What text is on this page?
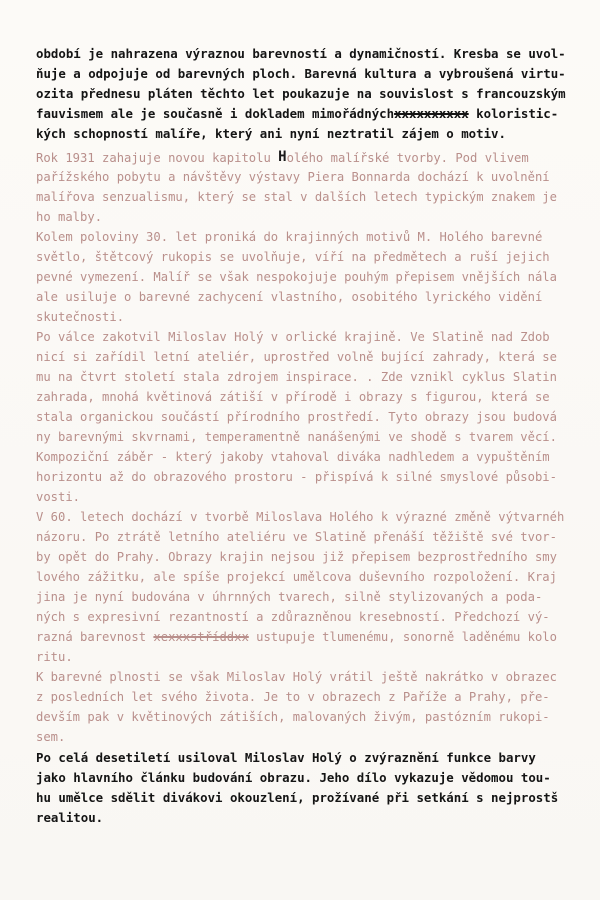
období je nahrazena výraznou barevností a dynamičností. Kresba se uvol-
ňuje a odpojuje od barevných ploch. Barevná kultura a vybroušená virtu-
ozita přednesu pláten těchto let poukazuje na souvislost s francouzským
fauvismem ale je současně i dokladem mimořádnýchxxxxxxxxxx koloristic-
kých schopností malíře, který ani nyní neztratil zájem o motiv.
Rok 1931 zahajuje novou kapitolu Holého malířské tvorby. Pod vlivem
pařížského pobytu a návštěvy výstavy Piera Bonnarda dochází k uvolnění
malířova senzualismu, který se stal v dalších letech typickým znakem je
ho malby.
Kolem poloviny 30. let proniká do krajinných motivů M. Holého barevné
světlo, štětcový rukopis se uvolňuje, víří na předmětech a ruší jejich
pevné vymezení. Malíř se však nespokojuje pouhým přepisem vnějších nála
ale usiluje o barevné zachycení vlastního, osobitého lyrického vidění
skutečnosti.
Po válce zakotvil Miloslav Holý v orlické krajině. Ve Slatině nad Zdob
nicí si zařídil letní ateliér, uprostřed volně bující zahrady, která se
mu na čtvrt století stala zdrojem inspirace. . Zde vznikl cyklus Slatin
zahrada, mnohá květinová zátiší v přírodě i obrazy s figurou, která se
stala organickou součástí přírodního prostředí. Tyto obrazy jsou budová
ny barevnými skvrnami, temperamentně nanášenými ve shodě s tvarem věcí.
Kompoziční záběr - který jakoby vtahoval diváka nadhledem a vypuštěním
horizontu až do obrazového prostoru - přispívá k silné smyslové působi-
vosti.
V 60. letech dochází v tvorbě Miloslava Holého k výrazné změně výtvarnéh
názoru. Po ztrátě letního ateliéru ve Slatině přenáší těžiště své tvor-
by opět do Prahy. Obrazy krajin nejsou již přepisem bezprostředního smy
lového zážitku, ale spíše projekcí umělcova duševního rozpoložení. Kraj
jina je nyní budována v úhrnných tvarech, silně stylizovaných a poda-
ných s expresivní rezantností a zdůrazněnou kresebností. Předchozí vý-
razná barevnost xexxxstříddxx ustupuje tlumenému, sonorně laděnému kolo
ritu.
K barevné plnosti se však Miloslav Holý vrátil ještě nakrátko v obrazec
z posledních let svého života. Je to v obrazech z Paříže a Prahy, pře-
devším pak v květinových zátiších, malovaných živým, pastózním rukopi-
sem.
Po celá desetiletí usiloval Miloslav Holý o zvýraznění funkce barvy
jako hlavního článku budování obrazu. Jeho dílo vykazuje vědomou tou-
hu umělce sdělit divákovi okouzlení, prožívané při setkání s nejprostš
realitou.
